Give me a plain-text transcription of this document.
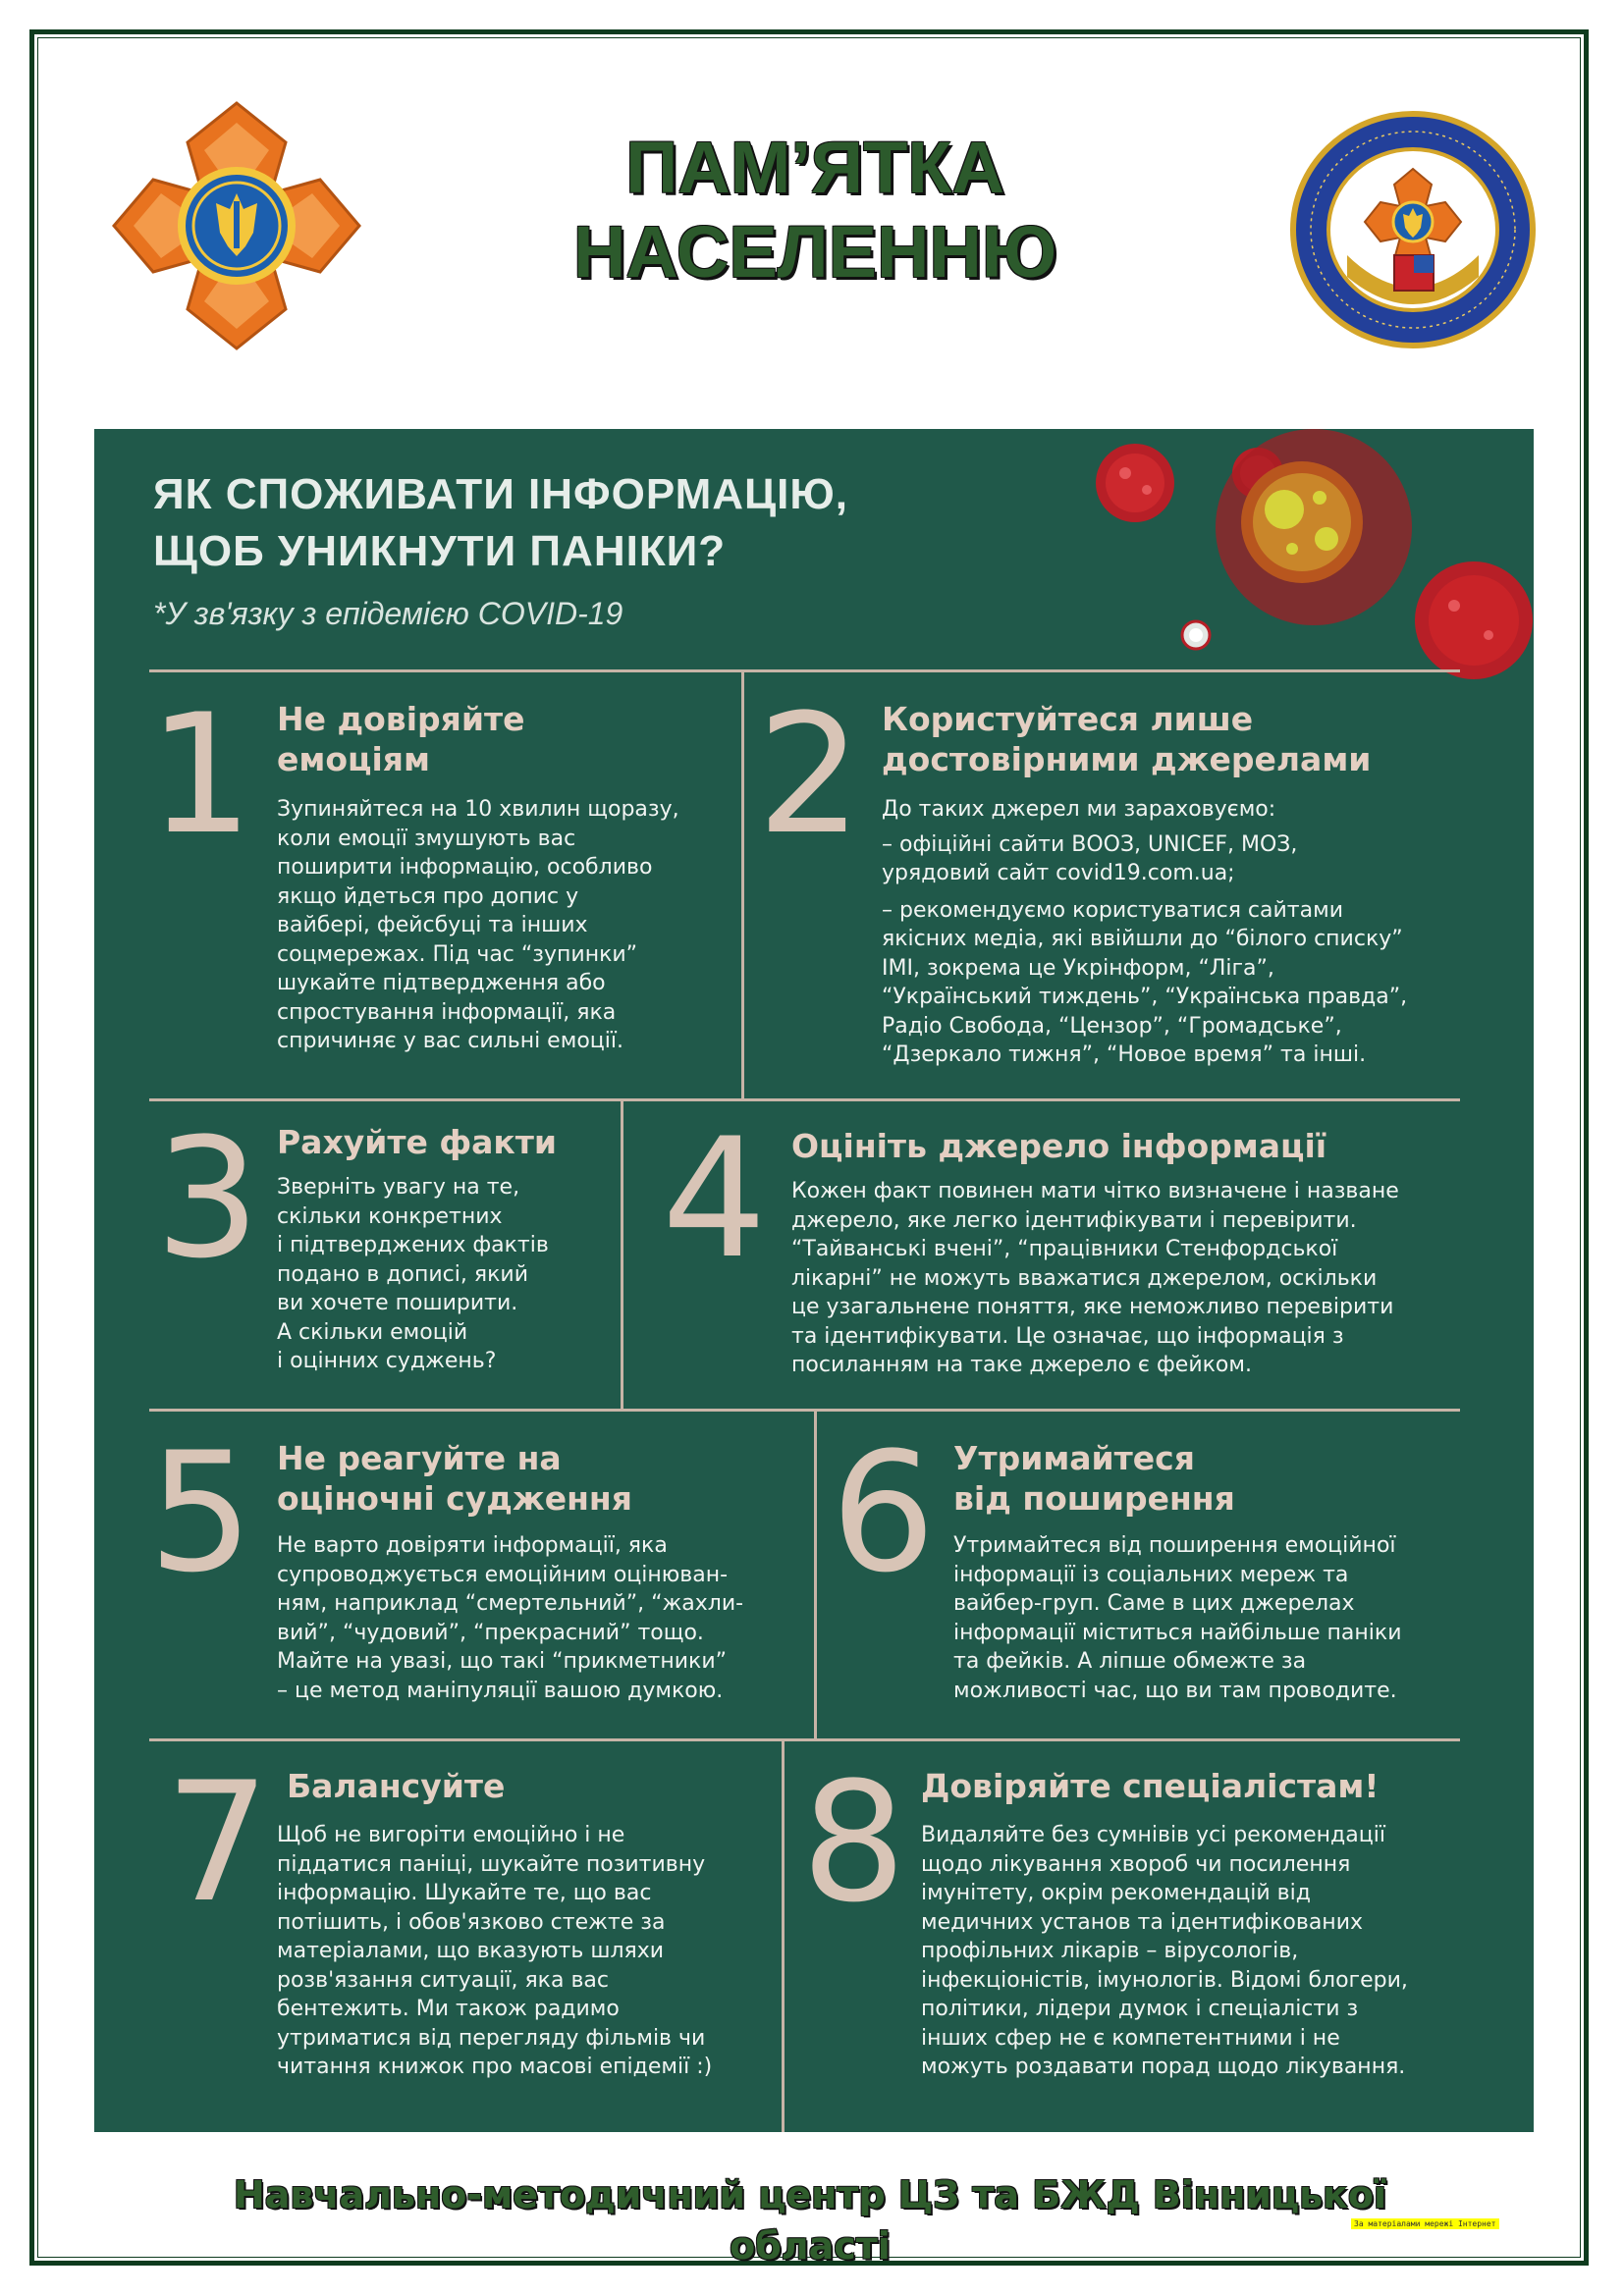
ПАМ’ЯТКА
НАСЕЛЕННЮ
ЯК СПОЖИВАТИ ІНФОРМАЦІЮ,
ЩОБ УНИКНУТИ ПАНІКИ?
*У зв'язку з епідемією COVID-19
1 Не довіряйте
емоціям

Зупиняйтеся на 10 хвилин щоразу,

коли емоції змушують вас

поширити інформацію, особливо

якщо йдеться про допис у

вайбері, фейсбуці та інших

соцмережах. Під час “зупинки”

шукайте підтвердження або

спростування інформації, яка

спричиняє у вас сильні емоції.

2 Користуйтеся лише
достовірними джерелами

До таких джерел ми зараховуємо:

– офіційні сайти ВООЗ, UNICEF, МОЗ,

урядовий сайт covid19.com.ua;

– рекомендуємо користуватися сайтами

якісних медіа, які ввійшли до “білого списку”

ІМІ, зокрема це Укрінформ, “Ліга”,

“Український тиждень”, “Українська правда”,

Радіо Свобода, “Цензор”, “Громадське”,

“Дзеркало тижня”, “Новое время” та інші.

3 Рахуйте факти

Зверніть увагу на те,

скільки конкретних

і підтверджених фактів

подано в дописі, який

ви хочете поширити.

А скільки емоцій

і оцінних суджень?

4 Оцініть джерело інформації

Кожен факт повинен мати чітко визначене і назване

джерело, яке легко ідентифікувати і перевірити.

“Тайванські вчені”, “працівники Стенфордської

лікарні” не можуть вважатися джерелом, оскільки

це узагальнене поняття, яке неможливо перевірити

та ідентифікувати. Це означає, що інформація з

посиланням на таке джерело є фейком.

5 Не реагуйте на
оціночні судження

Не варто довіряти інформації, яка

супроводжується емоційним оцінюван-

ням, наприклад “смертельний”, “жахли-

вий”, “чудовий”, “прекрасний” тощо.

Майте на увазі, що такі “прикметники”

– це метод маніпуляції вашою думкою.

6 Утримайтеся
від поширення

Утримайтеся від поширення емоційної

інформації із соціальних мереж та

вайбер-груп. Саме в цих джерелах

інформації міститься найбільше паніки

та фейків. А ліпше обмежте за

можливості час, що ви там проводите.

7 Балансуйте

Щоб не вигоріти емоційно і не

піддатися паніці, шукайте позитивну

інформацію. Шукайте те, що вас

потішить, і обов'язково стежте за

матеріалами, що вказують шляхи

розв'язання ситуації, яка вас

бентежить. Ми також радимо

утриматися від перегляду фільмів чи

читання книжок про масові епідемії :)

8 Довіряйте спеціалістам!

Видаляйте без сумнівів усі рекомендації

щодо лікування хвороб чи посилення

імунітету, окрім рекомендацій від

медичних установ та ідентифікованих

профільних лікарів – вірусологів,

інфекціоністів, імунологів. Відомі блогери,

політики, лідери думок і спеціалісти з

інших сфер не є компетентними і не

можуть роздавати порад щодо лікування.

Навчально-методичний центр ЦЗ та БЖД Вінницької
області
За матеріалами мережі Інтернет
